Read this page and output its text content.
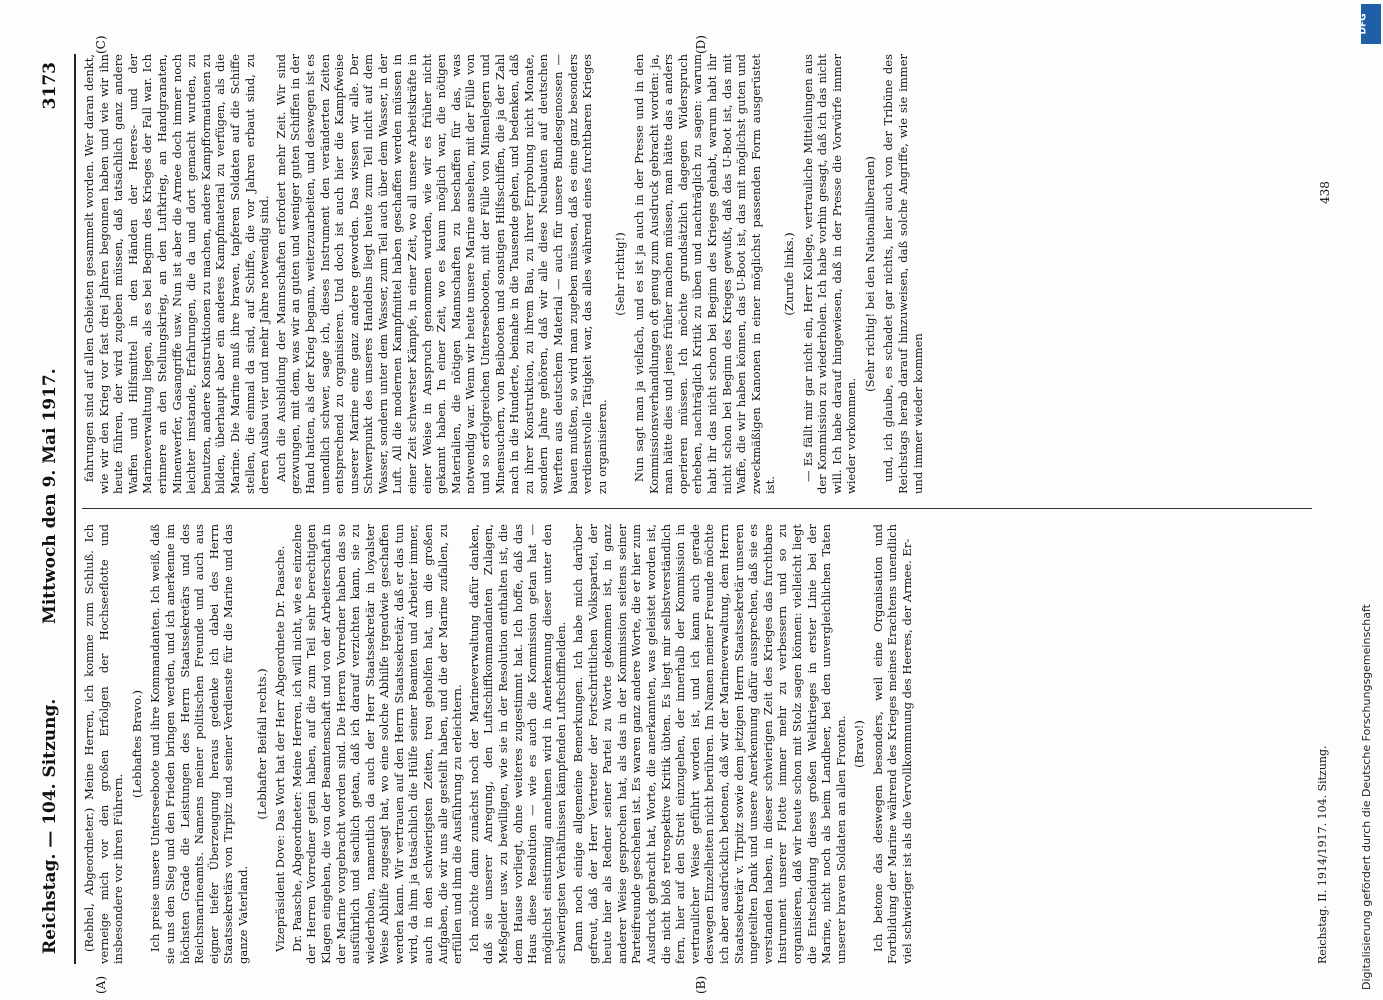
Reichstag. — 104. Sitzung.
Mittwoch den 9. Mai 1917.
3173

(Rebhel, Abgeordneter.) Meine Herren, ich komme zum Schluß. Ich verneige mich vor den großen Erfolgen der Hochseeflotte und insbesondere vor ihren Führern.

(Lebhaftes Bravo.) Ich preise unsere Unterseeboote und ihre Kommandanten. Ich weiß, daß sie uns den Sieg und den Frieden bringen werden, und ich anerkenne im höchsten Grade die Leistungen des Herrn Staatssekretärs und des Reichsmarineamts. Namens meiner politischen Freunde und auch aus eigner tiefer Überzeugung heraus gedenke ich dabei des Herrn Staatssekretärs von Tirpitz und seiner Verdienste für die Marine und das ganze Vaterland.

(Lebhafter Beifall rechts.) Vizepräsident Dove: Das Wort hat der Herr Abgeordnete Dr. Paasche. Dr. Paasche, Abgeordneter: Meine Herren, ich will nicht, wie es einzelne der Herren Vorredner getan haben, auf die zum Teil sehr berechtigten Klagen eingehen, die von der Beamtenschaft und von der Arbeiterschaft in der Marine vorgebracht worden sind. Die Herren Vorredner haben das so ausführlich und sachlich getan, daß ich darauf verzichten kann, sie zu wiederholen, namentlich da auch der Herr Staatssekretär in loyalster Weise Abhilfe zugesagt hat, wo eine solche Abhilfe irgendwie geschaffen werden kann. Wir vertrauen auf den Herrn Staatssekretär, daß er das tun wird, da ihm ja tatsächlich die Hülfe seiner Beamten und Arbeiter immer, auch in den schwierigsten Zeiten, treu geholfen hat, um die großen Aufgaben, die wir uns alle gestellt haben, und die der Marine zufallen, zu erfüllen und ihm die Ausführung zu erleichtern. Ich möchte dann zunächst noch der Marineverwaltung dafür danken, daß sie unserer Anregung, den Luftschiffkommandanten Zulagen, Meßgelder usw. zu bewilligen, wie sie in der Resolution enthalten ist, die dem Hause vorliegt, ohne weiteres zugestimmt hat. Ich hoffe, daß das Haus diese Resolution — wie es auch die Kommission getan hat — möglichst einstimmig annehmen wird in Anerkennung dieser unter den schwierigsten Verhältnissen kämpfenden Luftschiffhelden. Dann noch einige allgemeine Bemerkungen. Ich habe mich darüber gefreut, daß der Herr Vertreter der Fortschrittlichen Volkspartei, der heute hier als Redner seiner Partei zu Worte gekommen ist, in ganz anderer Weise gesprochen hat, als das in der Kommission seitens seiner Parteifreunde geschehen ist. Es waren ganz andere Worte, die er hier zum Ausdruck gebracht hat, Worte, die anerkannten, was geleistet worden ist, die nicht bloß retrospektive Kritik übten. Es liegt mir selbstverständlich fern, hier auf den Streit einzugehen, der innerhalb der Kommission in vertraulicher Weise geführt worden ist, und ich kann auch gerade deswegen Einzelheiten nicht berühren. Im Namen meiner Freunde möchte ich aber ausdrücklich betonen, daß wir der Marineverwaltung, dem Herrn Staatssekretär v. Tirpitz sowie dem jetzigen Herrn Staatssekretär unseren ungeteilten Dank und unsere Anerkennung dafür aussprechen, daß sie es verstanden haben, in dieser schwierigen Zeit des Krieges das furchtbare Instrument unserer Flotte immer mehr zu verbessern und so zu organisieren, daß wir heute schon mit Stolz sagen können: vielleicht liegt die Entscheidung dieses großen Weltkrieges in erster Linie bei der Marine, nicht noch als beim Landheer, bei den unvergleichlichen Taten unserer braven Soldaten an allen Fronten. (Bravo!) Ich betone das deswegen besonders, weil eine Organisation und Fortbildung der Marine während des Krieges meines Erachtens unendlich viel schwieriger ist als die Vervollkommnung des Heeres, der Armee. Er-

fahrungen sind auf allen Gebieten gesammelt worden. Wer daran denkt, wie wir den Krieg vor fast drei Jahren begonnen haben und wie wir ihn heute führen, der wird zugeben müssen, daß tatsächlich ganz andere Waffen und Hilfsmittel in den Händen der Heeres- und der Marineverwaltung liegen, als es bei Beginn des Krieges der Fall war. Ich erinnere an den Stellungskrieg, an den Luftkrieg, an Handgranaten, Minenwerfer, Gasangriffe usw. Nun ist aber die Armee doch immer noch leichter imstande, Erfahrungen, die da und dort gemacht wurden, zu benutzen, andere Konstruktionen zu machen, andere Kampfformationen zu bilden, überhaupt aber ein anderes Kampfmaterial zu verfügen, als die Marine. Die Marine muß ihre braven, tapferen Soldaten auf die Schiffe stellen, die einmal da sind, auf Schiffe, die vor Jahren erbaut sind, zu deren Ausbau vier und mehr Jahre notwendig sind. Auch die Ausbildung der Mannschaften erfordert mehr Zeit. Wir sind gezwungen, mit dem, was wir an guten und weniger guten Schiffen in der Hand hatten, als der Krieg begann, weiterzuarbeiten, und deswegen ist es unendlich schwer, sage ich, dieses Instrument den veränderten Zeiten entsprechend zu organisieren. Und doch ist auch hier die Kampfweise unserer Marine eine ganz andere geworden. Das wissen wir alle. Der Schwerpunkt des unseres Handelns liegt heute zum Teil nicht auf dem Wasser, sondern unter dem Wasser, zum Teil auch über dem Wasser, in der Luft. All die modernen Kampfmittel haben geschaffen werden müssen in einer Zeit schwerster Kämpfe, in einer Zeit, wo all unsere Arbeitskräfte in einer Weise in Anspruch genommen wurden, wie wir es früher nicht gekannt haben. In einer Zeit, wo es kaum möglich war, die nötigen Materialien, die nötigen Mannschaften zu beschaffen für das, was notwendig war. Wenn wir heute unsere Marine ansehen, mit der Fülle von und so erfolgreichen Unterseebooten, mit der Fülle von Minenlegern und Minensuchern, von Beibooten und sonstigen Hilfsschiffen, die ja der Zahl nach in die Hunderte, beinahe in die Tausende gehen, und bedenken, daß zu ihrer Konstruktion, zu ihrem Bau, zu ihrer Erprobung nicht Monate, sondern Jahre gehören, daß wir alle diese Neubauten auf deutschen Werften aus deutschem Material — auch für unsere Bundesgenossen — bauen mußten, so wird man zugeben müssen, daß es eine ganz besonders verdienstvolle Tätigkeit war, das alles während eines furchtbaren Krieges zu organisieren.

(Sehr richtig!) Nun sagt man ja vielfach, und es ist ja auch in der Presse und in den Kommissionsverhandlungen oft genug zum Ausdruck gebracht worden: ja, man hätte dies und jenes früher machen müssen, man hätte das a anders operieren müssen. Ich möchte grundsätzlich dagegen Widerspruch erheben, nachträglich Kritik zu üben und nachträglich zu sagen: warum habt ihr das nicht schon bei Beginn des Krieges gehabt, warum habt ihr nicht schon bei Beginn des Krieges gewußt, daß das U-Boot ist, das mit Waffe, die wir haben können, das U-Boot ist, das mit möglichst guten und zweckmäßigen Kanonen in einer möglichst passenden Form ausgerüstet ist.

(Zurufe links.) — Es fällt mir gar nicht ein, Herr Kollege, vertrauliche Mitteilungen aus der Kommission zu wiederholen. Ich habe vorhin gesagt, daß ich das nicht will. Ich habe darauf hingewiesen, daß in der Presse die Vorwürfe immer wieder vorkommen.

(Sehr richtig! bei den Nationalliberalen) und, ich glaube, es schadet gar nichts, hier auch von der Tribüne des Reichstags herab darauf hinzuweisen, daß solche Angriffe, wie sie immer und immer wieder kommen

(A)	(B)
(C)	(D)
Reichstag. II. 1914/1917. 104. Sitzung.
438
Digitalisierung gefördert durch die Deutsche Forschungsgemeinschaft
DFG
